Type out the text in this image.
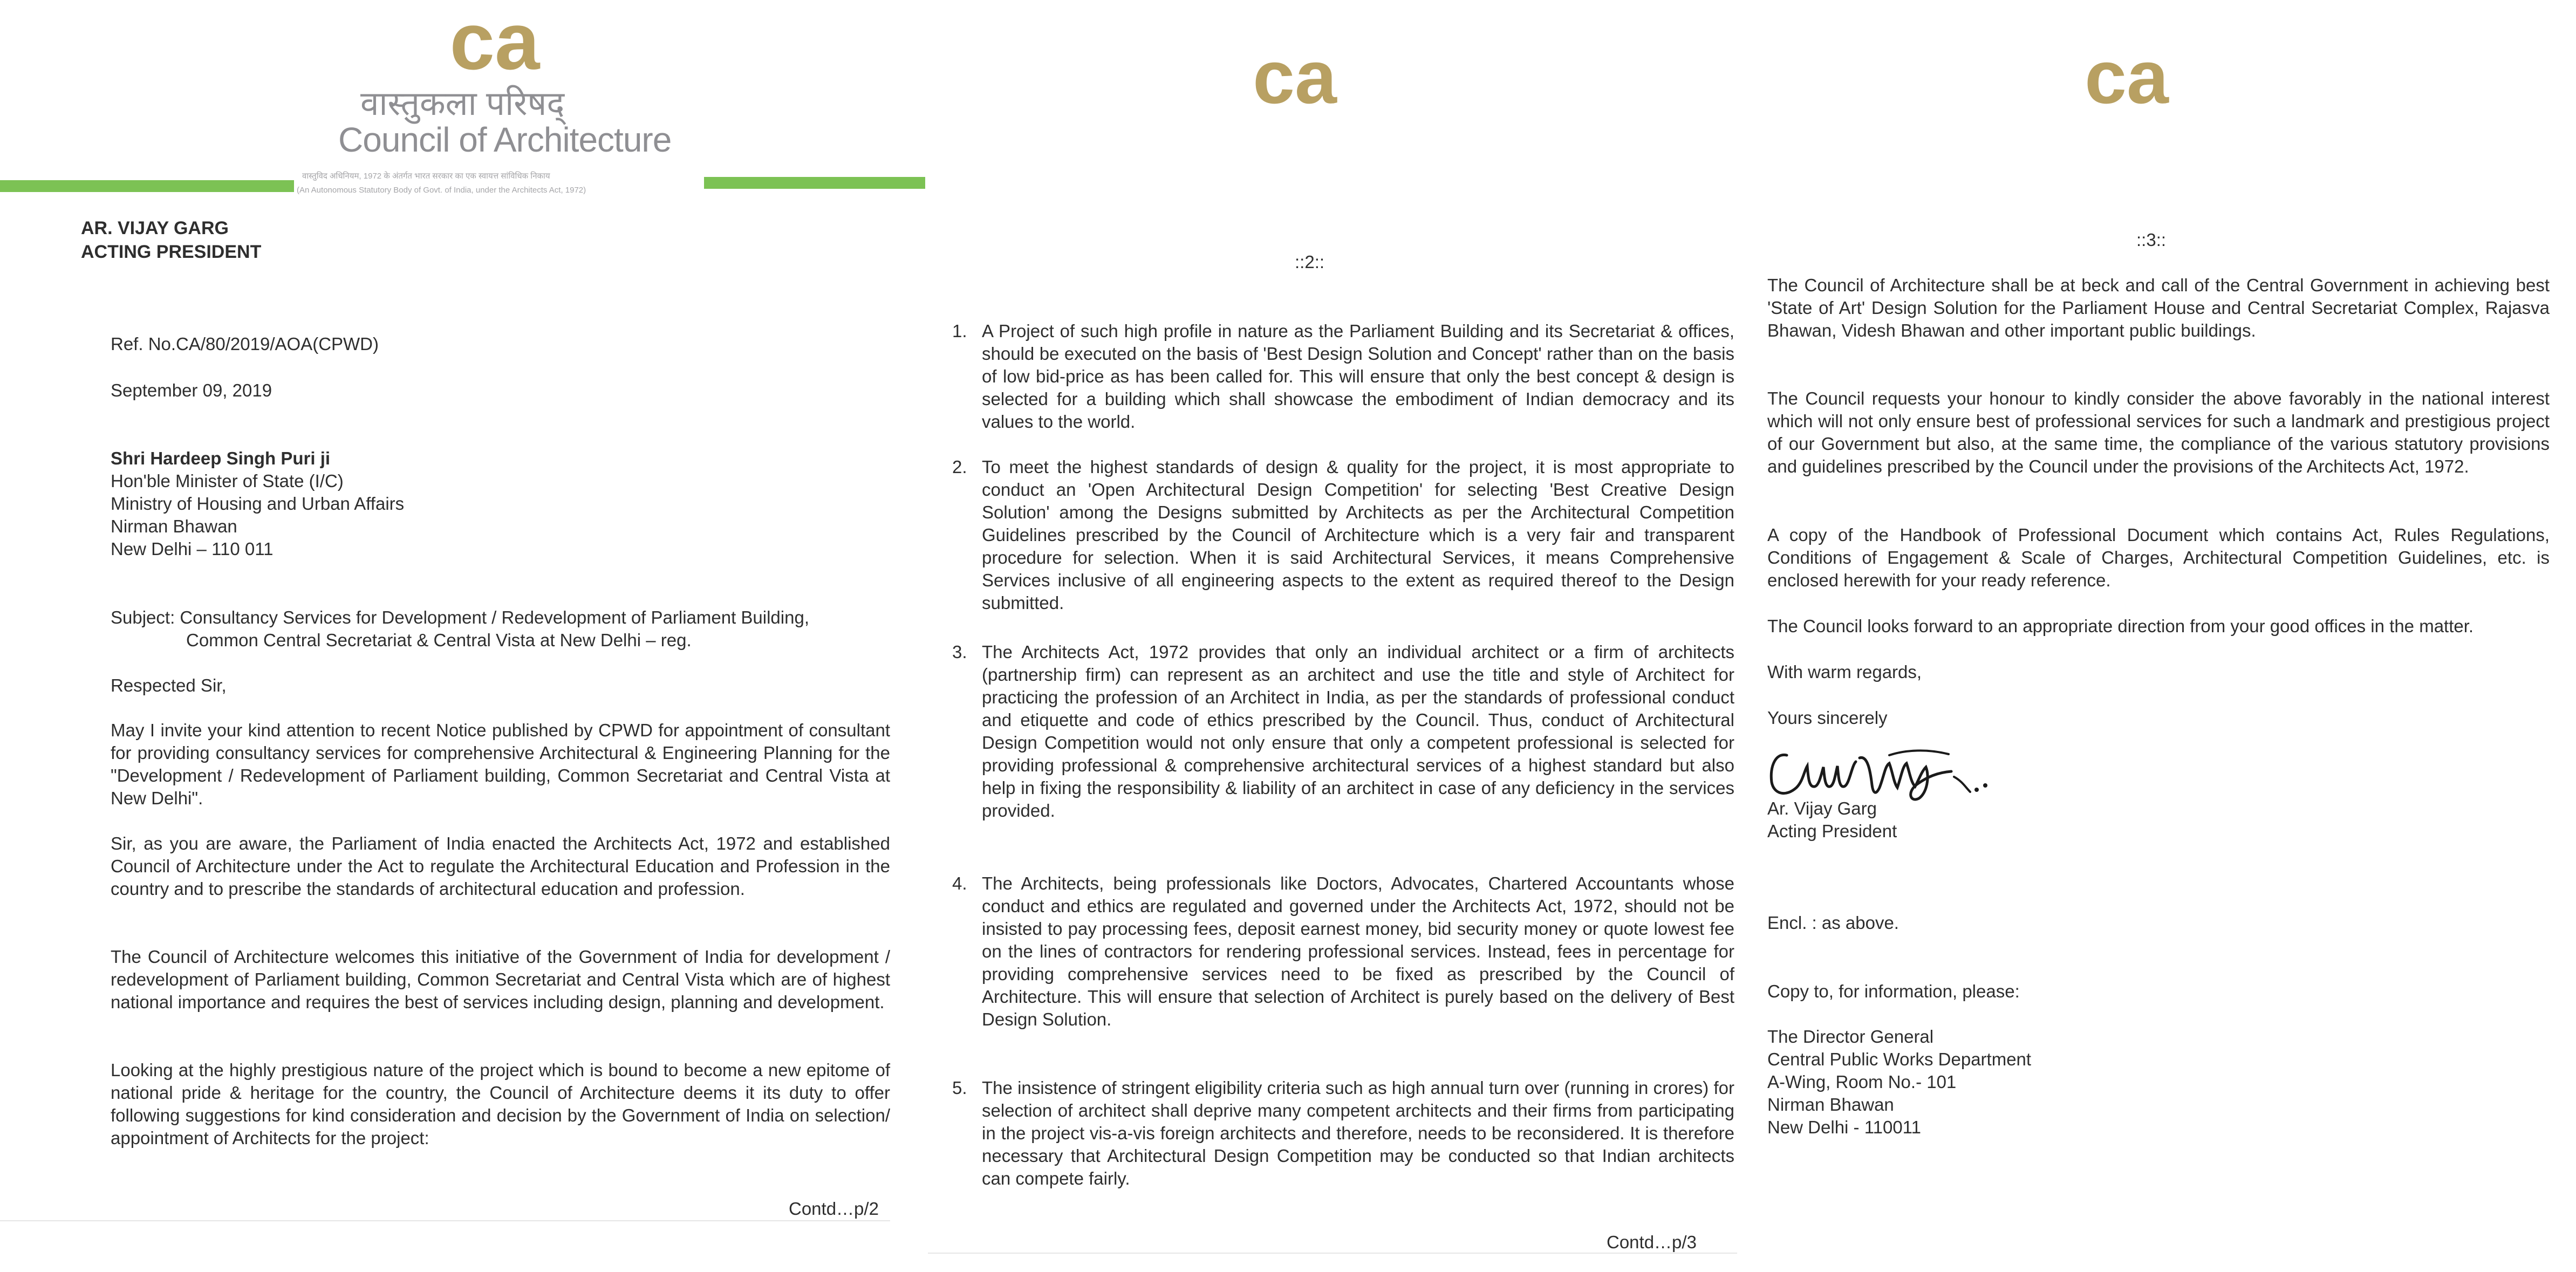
ca
वास्तुकला परिषद्
Council of Architecture
वास्तुविद अधिनियम, 1972 के अंतर्गत भारत सरकार का एक स्वायत्त सांविधिक निकाय
(An Autonomous Statutory Body of Govt. of India, under the Architects Act, 1972)
AR. VIJAY GARG
ACTING PRESIDENT
Ref. No.CA/80/2019/AOA(CPWD)
September 09, 2019
Shri Hardeep Singh Puri ji
Hon'ble Minister of State (I/C)
Ministry of Housing and Urban Affairs
Nirman Bhawan
New Delhi – 110 011
Subject: Consultancy Services for Development / Redevelopment of Parliament Building,
Common Central Secretariat & Central Vista at New Delhi – reg.
Respected Sir,
May I invite your kind attention to recent Notice published by CPWD for appointment of consultant for providing consultancy services for comprehensive Architectural & Engineering Planning for the "Development / Redevelopment of Parliament building, Common Secretariat and Central Vista at New Delhi".
Sir, as you are aware, the Parliament of India enacted the Architects Act, 1972 and established Council of Architecture under the Act to regulate the Architectural Education and Profession in the country and to prescribe the standards of architectural education and profession.
The Council of Architecture welcomes this initiative of the Government of India for development / redevelopment of Parliament building, Common Secretariat and Central Vista which are of highest national importance and requires the best of services including design, planning and development.
Looking at the highly prestigious nature of the project which is bound to become a new epitome of national pride & heritage for the country, the Council of Architecture deems it its duty to offer following suggestions for kind consideration and decision by the Government of India on selection/ appointment of Architects for the project:
Contd…p/2
ca
::2::
1. A Project of such high profile in nature as the Parliament Building and its Secretariat & offices, should be executed on the basis of 'Best Design Solution and Concept' rather than on the basis of low bid-price as has been called for. This will ensure that only the best concept & design is selected for a building which shall showcase the embodiment of Indian democracy and its values to the world.
2. To meet the highest standards of design & quality for the project, it is most appropriate to conduct an 'Open Architectural Design Competition' for selecting 'Best Creative Design Solution' among the Designs submitted by Architects as per the Architectural Competition Guidelines prescribed by the Council of Architecture which is a very fair and transparent procedure for selection. When it is said Architectural Services, it means Comprehensive Services inclusive of all engineering aspects to the extent as required thereof to the Design submitted.
3. The Architects Act, 1972 provides that only an individual architect or a firm of architects (partnership firm) can represent as an architect and use the title and style of Architect for practicing the profession of an Architect in India, as per the standards of professional conduct and etiquette and code of ethics prescribed by the Council. Thus, conduct of Architectural Design Competition would not only ensure that only a competent professional is selected for providing professional & comprehensive architectural services of a highest standard but also help in fixing the responsibility & liability of an architect in case of any deficiency in the services provided.
4. The Architects, being professionals like Doctors, Advocates, Chartered Accountants whose conduct and ethics are regulated and governed under the Architects Act, 1972, should not be insisted to pay processing fees, deposit earnest money, bid security money or quote lowest fee on the lines of contractors for rendering professional services. Instead, fees in percentage for providing comprehensive services need to be fixed as prescribed by the Council of Architecture. This will ensure that selection of Architect is purely based on the delivery of Best Design Solution.
5. The insistence of stringent eligibility criteria such as high annual turn over (running in crores) for selection of architect shall deprive many competent architects and their firms from participating in the project vis-a-vis foreign architects and therefore, needs to be reconsidered. It is therefore necessary that Architectural Design Competition may be conducted so that Indian architects can compete fairly.
Contd…p/3
ca
::3::
The Council of Architecture shall be at beck and call of the Central Government in achieving best 'State of Art' Design Solution for the Parliament House and Central Secretariat Complex, Rajasva Bhawan, Videsh Bhawan and other important public buildings.
The Council requests your honour to kindly consider the above favorably in the national interest which will not only ensure best of professional services for such a landmark and prestigious project of our Government but also, at the same time, the compliance of the various statutory provisions and guidelines prescribed by the Council under the provisions of the Architects Act, 1972.
A copy of the Handbook of Professional Document which contains Act, Rules Regulations, Conditions of Engagement & Scale of Charges, Architectural Competition Guidelines, etc. is enclosed herewith for your ready reference.
The Council looks forward to an appropriate direction from your good offices in the matter.
With warm regards,
Yours sincerely
Ar. Vijay Garg
Acting President
Encl. : as above.
Copy to, for information, please:
The Director General
Central Public Works Department
A-Wing, Room No.- 101
Nirman Bhawan
New Delhi - 110011
